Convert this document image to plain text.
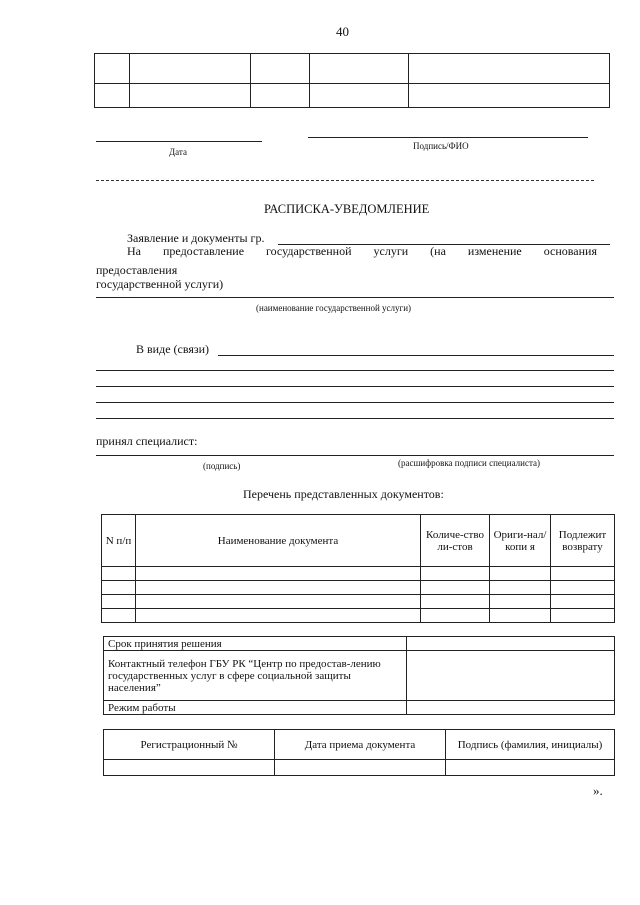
40

Дата
Подпись/ФИО
РАСПИСКА-УВЕДОМЛЕНИЕ
Заявление и документы гр.
На предоставление государственной услуги (на изменение основания
предоставления
государственной услуги)
(наименование государственной услуги)
В виде (связи)
принял специалист:
(подпись)	(расшифровка подписи специалиста)
Перечень представленных документов:
N п/п	Наименование документа	Количе-ство ли-стов	Ориги-нал/копи я	Подлежит возврату

Срок принятия решения	
Контактный телефон ГБУ РК “Центр по предостав-лению государственных услуг в сфере социальной защиты населения”	
Режим работы	
Регистрационный №	Дата приема документа	Подпись (фамилия, инициалы)

».
